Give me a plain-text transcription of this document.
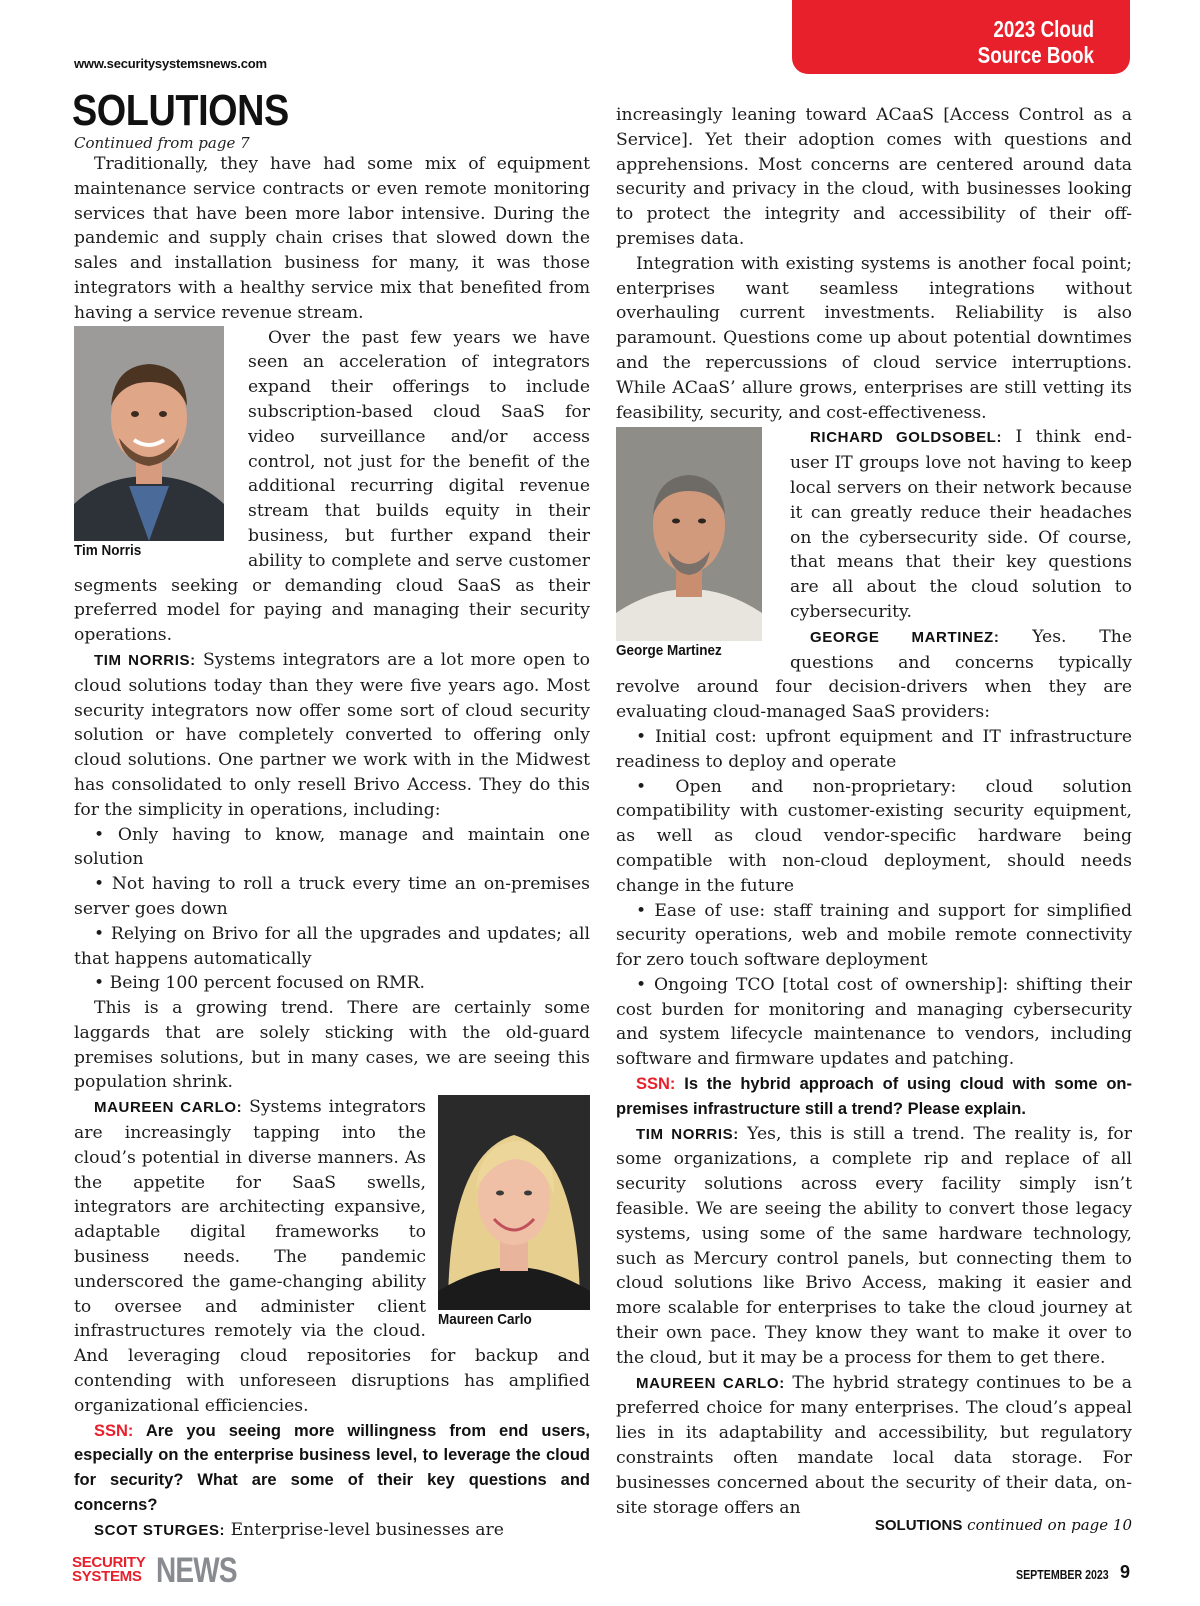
www.securitysystemsnews.com
2023 Cloud
Source Book
SOLUTIONS
Continued from page 7

Traditionally, they have had some mix of equipment maintenance service contracts or even remote monitoring services that have been more labor intensive. During the pandemic and supply chain crises that slowed down the sales and installation business for many, it was those integrators with a healthy service mix that benefited from having a service revenue stream.

Tim Norris

Over the past few years we have seen an acceleration of integrators expand their offerings to include subscription-based cloud SaaS for video surveillance and/or access control, not just for the benefit of the additional recurring digital revenue stream that builds equity in their business, but further expand their ability to complete and serve customer segments seeking or demanding cloud SaaS as their preferred model for paying and managing their security operations.

TIM NORRIS: Systems integrators are a lot more open to cloud solutions today than they were five years ago. Most security integrators now offer some sort of cloud security solution or have completely converted to offering only cloud solutions. One partner we work with in the Midwest has consolidated to only resell Brivo Access. They do this for the simplicity in operations, including:

• Only having to know, manage and maintain one solution

• Not having to roll a truck every time an on-premises server goes down

• Relying on Brivo for all the upgrades and updates; all that happens automatically

• Being 100 percent focused on RMR.

This is a growing trend. There are certainly some laggards that are solely sticking with the old-guard premises solutions, but in many cases, we are seeing this population shrink.

Maureen Carlo

MAUREEN CARLO: Systems integrators are increasingly tapping into the cloud’s potential in diverse manners. As the appetite for SaaS swells, integrators are architecting expansive, adaptable digital frameworks to business needs. The pandemic underscored the game-changing ability to oversee and administer client infrastructures remotely via the cloud. And leveraging cloud repositories for backup and contending with unforeseen disruptions has amplified organizational efficiencies.

SSN: Are you seeing more willingness from end users, especially on the enterprise business level, to leverage the cloud for security? What are some of their key questions and concerns?

SCOT STURGES: Enterprise-level businesses are

increasingly leaning toward ACaaS [Access Control as a Service]. Yet their adoption comes with questions and apprehensions. Most concerns are centered around data security and privacy in the cloud, with businesses looking to protect the integrity and accessibility of their off-premises data.

Integration with existing systems is another focal point; enterprises want seamless integrations without overhauling current investments. Reliability is also paramount. Questions come up about potential downtimes and the repercussions of cloud service interruptions. While ACaaS’ allure grows, enterprises are still vetting its feasibility, security, and cost-effectiveness.

George Martinez

RICHARD GOLDSOBEL: I think end-user IT groups love not having to keep local servers on their network because it can greatly reduce their headaches on the cybersecurity side. Of course, that means that their key questions are all about the cloud solution to cybersecurity.

GEORGE MARTINEZ: Yes. The questions and concerns typically revolve around four decision-drivers when they are evaluating cloud-managed SaaS providers:

• Initial cost: upfront equipment and IT infrastructure readiness to deploy and operate

• Open and non-proprietary: cloud solution compatibility with customer-existing security equipment, as well as cloud vendor-specific hardware being compatible with non-cloud deployment, should needs change in the future

• Ease of use: staff training and support for simplified security operations, web and mobile remote connectivity for zero touch software deployment

• Ongoing TCO [total cost of ownership]: shifting their cost burden for monitoring and managing cybersecurity and system lifecycle maintenance to vendors, including software and firmware updates and patching.

SSN: Is the hybrid approach of using cloud with some on-premises infrastructure still a trend? Please explain.

TIM NORRIS: Yes, this is still a trend. The reality is, for some organizations, a complete rip and replace of all security solutions across every facility simply isn’t feasible. We are seeing the ability to convert those legacy systems, using some of the same hardware technology, such as Mercury control panels, but connecting them to cloud solutions like Brivo Access, making it easier and more scalable for enterprises to take the cloud journey at their own pace. They know they want to make it over to the cloud, but it may be a process for them to get there.

MAUREEN CARLO: The hybrid strategy continues to be a preferred choice for many enterprises. The cloud’s appeal lies in its adaptability and accessibility, but regulatory constraints often mandate local data storage. For businesses concerned about the security of their data, on-site storage offers an

SOLUTIONS continued on page 10
SECURITY
SYSTEMS NEWS	SEPTEMBER 2023 9
